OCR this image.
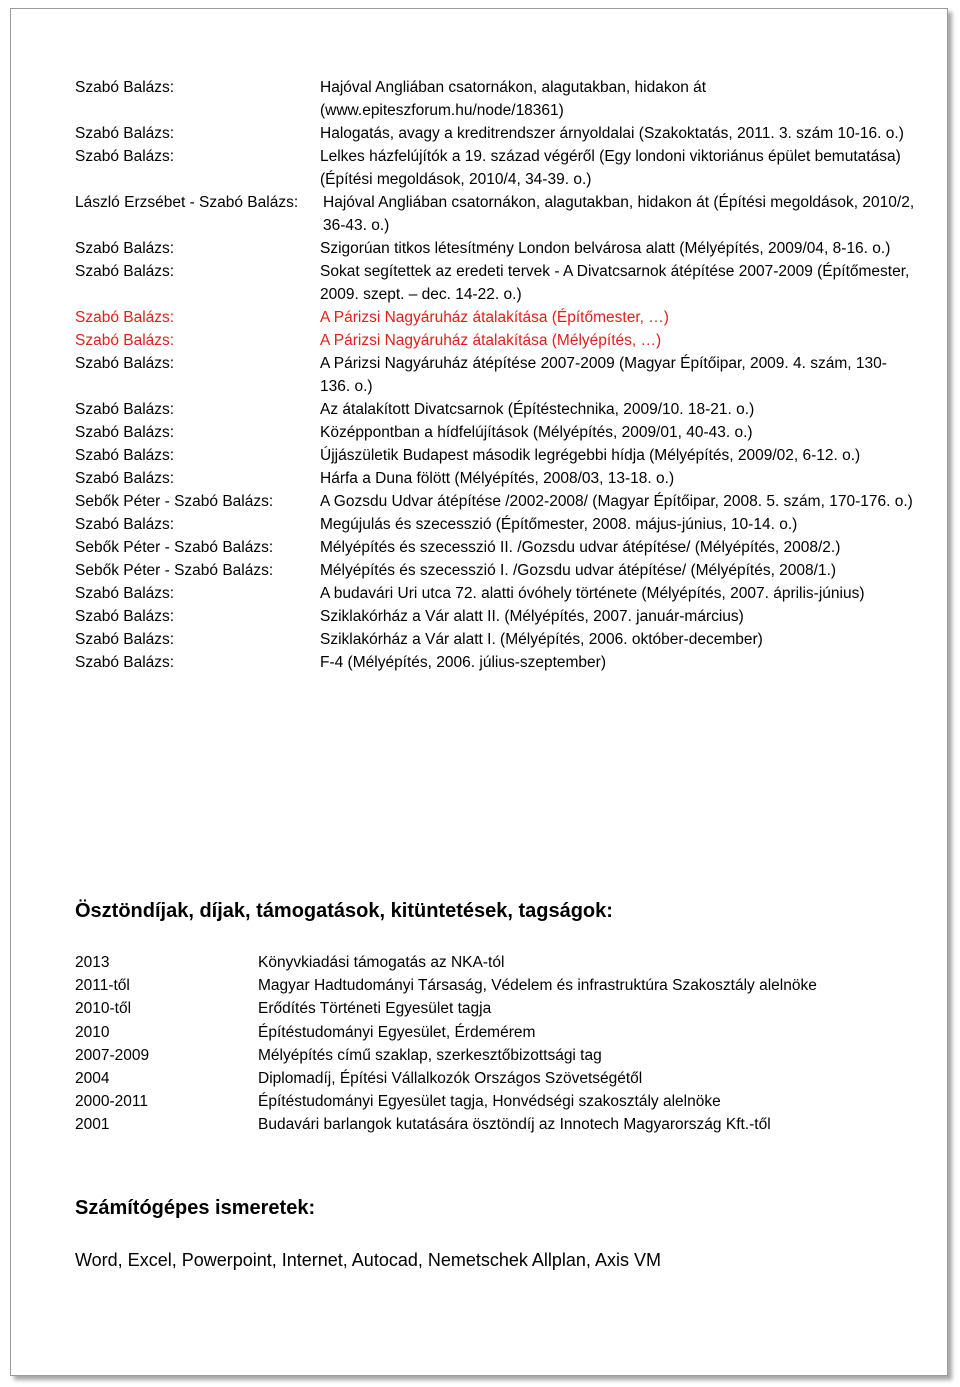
Szabó Balázs:	Hajóval Angliában csatornákon, alagutakban, hidakon át (www.epiteszforum.hu/node/18361)
Szabó Balázs:	Halogatás, avagy a kreditrendszer árnyoldalai (Szakoktatás, 2011. 3. szám 10-16. o.)
Szabó Balázs:	Lelkes házfelújítók a 19. század végéről (Egy londoni viktoriánus épület bemutatása) (Építési megoldások, 2010/4, 34-39. o.)
László Erzsébet - Szabó Balázs: Hajóval Angliában csatornákon, alagutakban, hidakon át (Építési megoldások, 2010/2, 36-43. o.)
Szabó Balázs:	Szigorúan titkos létesítmény London belvárosa alatt (Mélyépítés, 2009/04, 8-16. o.)
Szabó Balázs:	Sokat segítettek az eredeti tervek - A Divatcsarnok átépítése 2007-2009 (Építőmester, 2009. szept. – dec. 14-22. o.)
Szabó Balázs:	A Párizsi Nagyáruház átalakítása (Építőmester, …)
Szabó Balázs:	A Párizsi Nagyáruház átalakítása (Mélyépítés, …)
Szabó Balázs:	A Párizsi Nagyáruház átépítése 2007-2009 (Magyar Építőipar, 2009. 4. szám, 130-136. o.)
Szabó Balázs:	Az átalakított Divatcsarnok (Építéstechnika, 2009/10. 18-21. o.)
Szabó Balázs:	Középpontban a hídfelújítások (Mélyépítés, 2009/01, 40-43. o.)
Szabó Balázs:	Újjászületik Budapest második legrégebbi hídja (Mélyépítés, 2009/02, 6-12. o.)
Szabó Balázs:	Hárfa a Duna fölött (Mélyépítés, 2008/03, 13-18. o.)
Sebők Péter - Szabó Balázs:	A Gozsdu Udvar átépítése /2002-2008/ (Magyar Építőipar, 2008. 5. szám, 170-176. o.)
Szabó Balázs:	Megújulás és szecesszió (Építőmester, 2008. május-június, 10-14. o.)
Sebők Péter - Szabó Balázs:	Mélyépítés és szecesszió II. /Gozsdu udvar átépítése/ (Mélyépítés, 2008/2.)
Sebők Péter - Szabó Balázs:	Mélyépítés és szecesszió I. /Gozsdu udvar átépítése/ (Mélyépítés, 2008/1.)
Szabó Balázs:	A budavári Uri utca 72. alatti óvóhely története (Mélyépítés, 2007. április-június)
Szabó Balázs:	Sziklakórház a Vár alatt II. (Mélyépítés, 2007. január-március)
Szabó Balázs:	Sziklakórház a Vár alatt I. (Mélyépítés, 2006. október-december)
Szabó Balázs:	F-4 (Mélyépítés, 2006. július-szeptember)
Ösztöndíjak, díjak, támogatások, kitüntetések, tagságok:
2013	Könyvkiadási támogatás az NKA-tól
2011-től	Magyar Hadtudományi Társaság, Védelem és infrastruktúra Szakosztály alelnöke
2010-től	Erődítés Történeti Egyesület tagja
2010	Építéstudományi Egyesület, Érdemérem
2007-2009	Mélyépítés című szaklap, szerkesztőbizottsági tag
2004	Diplomadíj, Építési Vállalkozók Országos Szövetségétől
2000-2011	Építéstudományi Egyesület tagja, Honvédségi szakosztály alelnöke
2001	Budavári barlangok kutatására ösztöndíj az Innotech Magyarország Kft.-től
Számítógépes ismeretek:

Word, Excel, Powerpoint, Internet, Autocad, Nemetschek Allplan, Axis VM
